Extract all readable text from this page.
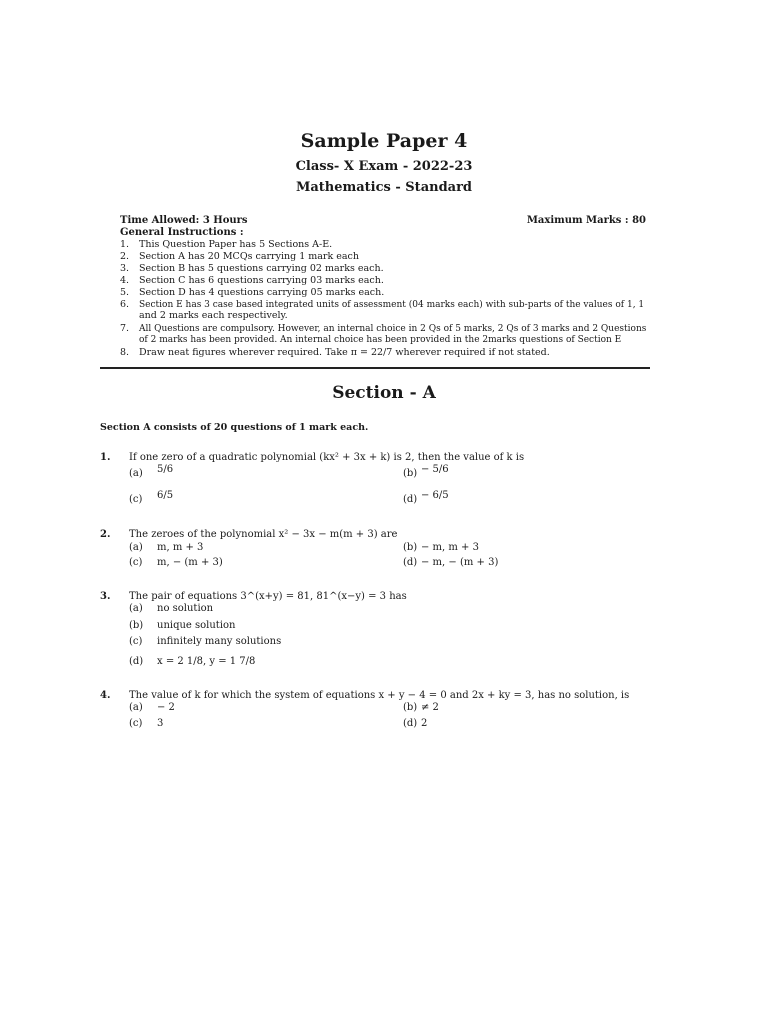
Sample Paper 4
Class- X Exam - 2022-23
Mathematics - Standard
Time Allowed: 3 Hours	Maximum Marks : 80
General Instructions :
1.	This Question Paper has 5 Sections A-E.
2.	Section A has 20 MCQs carrying 1 mark each
3.	Section B has 5 questions carrying 02 marks each.
4.	Section C has 6 questions carrying 03 marks each.
5.	Section D has 4 questions carrying 05 marks each.
6.	Section E has 3 case based integrated units of assessment (04 marks each) with sub-parts of the values of 1, 1
and 2 marks each respectively.
7.	All Questions are compulsory. However, an internal choice in 2 Qs of 5 marks, 2 Qs of 3 marks and 2 Questions
of 2 marks has been provided. An internal choice has been provided in the 2marks questions of Section E
8.	Draw neat figures wherever required. Take π = 22/7 wherever required if not stated.
Section - A
Section A consists of 20 questions of 1 mark each.
1. If one zero of a quadratic polynomial (kx² + 3x + k) is 2, then the value of k is
(a) 5/6	(b) − 5/6
(c) 6/5	(d) − 6/5
2. The zeroes of the polynomial x² − 3x − m(m + 3) are
(a) m, m + 3	(b) − m, m + 3
(c) m, − (m + 3)	(d) − m, − (m + 3)
3. The pair of equations 3^(x+y) = 81, 81^(x−y) = 3 has
(a) no solution
(b) unique solution
(c) infinitely many solutions
(d) x = 2 1/8, y = 1 7/8
4. The value of k for which the system of equations x + y − 4 = 0 and 2x + ky = 3, has no solution, is
(a) − 2	(b) ≠ 2
(c) 3	(d) 2
